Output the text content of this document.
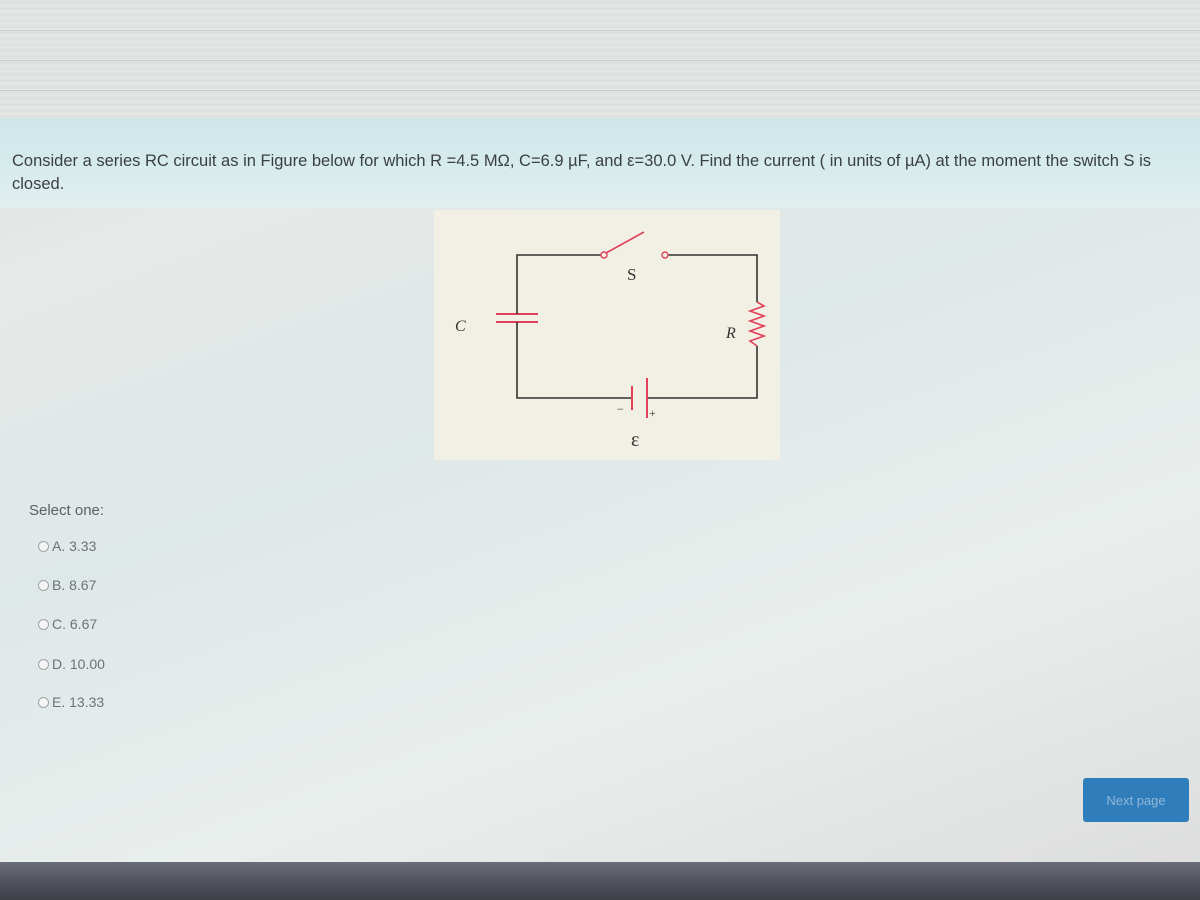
Consider a series RC circuit as in Figure below for which R =4.5 MΩ, C=6.9 µF, and ε=30.0 V. Find the current ( in units of µA) at the moment the switch S is closed.
S
C	R
ε
+
−
Select one:
A. 3.33
B. 8.67
C. 6.67
D. 10.00
E. 13.33
Next page
